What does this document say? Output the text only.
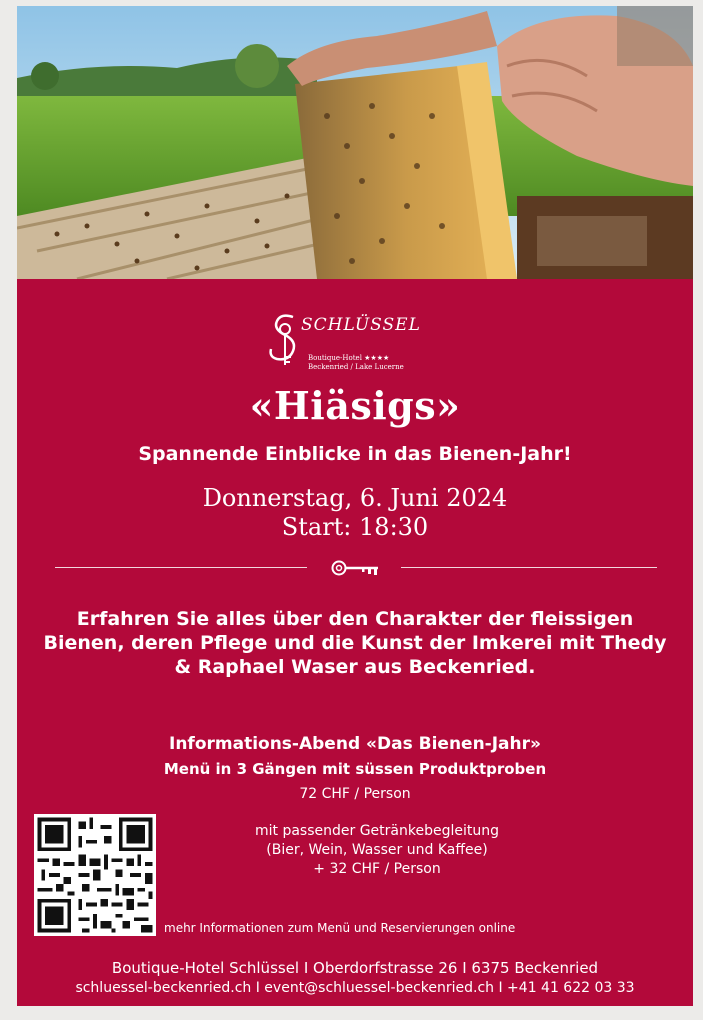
SCHLÜSSEL
Boutique-Hotel ★★★★
Beckenried / Lake Lucerne
«Hiäsigs»
Spannende Einblicke in das Bienen-Jahr!
Donnerstag, 6. Juni 2024
Start: 18:30
Erfahren Sie alles über den Charakter der fleissigen
Bienen, deren Pflege und die Kunst der Imkerei mit Thedy
& Raphael Waser aus Beckenried.
Informations-Abend «Das Bienen-Jahr»
Menü in 3 Gängen mit süssen Produktproben
72 CHF / Person
mit passender Getränkebegleitung
(Bier, Wein, Wasser und Kaffee)
+ 32 CHF / Person
mehr Informationen zum Menü und Reservierungen online
Boutique-Hotel Schlüssel I Oberdorfstrasse 26 I 6375 Beckenried
schluessel-beckenried.ch I event@schluessel-beckenried.ch I +41 41 622 03 33
